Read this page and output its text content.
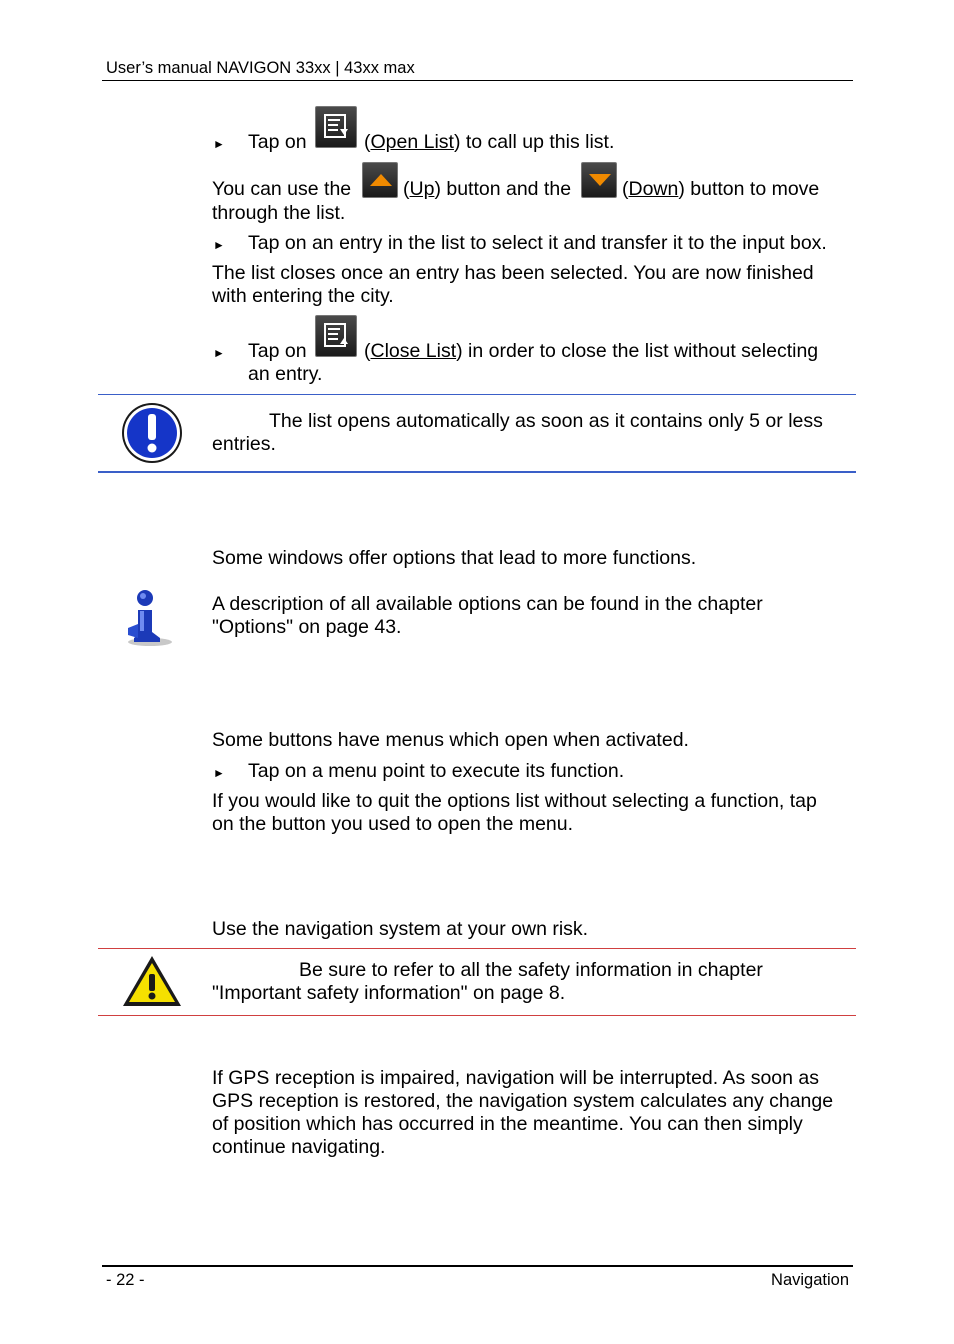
User’s manual NAVIGON 33xx | 43xx max
► Tap on	(Open List) to call up this list.
You can use the	(Up) button and the	(Down) button to move
through the list.
► Tap on an entry in the list to select it and transfer it to the input box.
The list closes once an entry has been selected. You are now finished
with entering the city.
► Tap on	(Close List) in order to close the list without selecting
an entry.
The list opens automatically as soon as it contains only 5 or less
entries.
Some windows offer options that lead to more functions.
A description of all available options can be found in the chapter
"Options" on page 43.
Some buttons have menus which open when activated.
► Tap on a menu point to execute its function.
If you would like to quit the options list without selecting a function, tap
on the button you used to open the menu.
Use the navigation system at your own risk.
Be sure to refer to all the safety information in chapter
"Important safety information" on page 8.
If GPS reception is impaired, navigation will be interrupted. As soon as
GPS reception is restored, the navigation system calculates any change
of position which has occurred in the meantime. You can then simply
continue navigating.
- 22 -	Navigation
